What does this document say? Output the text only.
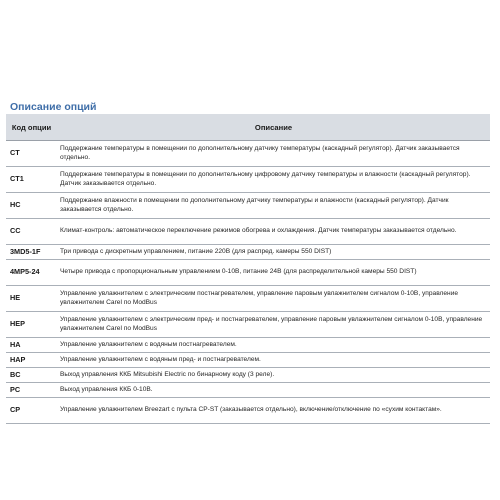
Описание опций
Код опции	Описание
CT	Поддержание температуры в помещении по дополнительному датчику температуры (каскадный регулятор). Датчик заказывается отдельно.
CT1	Поддержание температуры в помещении по дополнительному цифровому датчику температуры и влажности (каскадный регулятор). Датчик заказывается отдельно.
HC	Поддержание влажности в помещении по дополнительному датчику температуры и влажности (каскадный регулятор). Датчик заказывается отдельно.
CC	Климат-контроль: автоматическое переключение режимов обогрева и охлаждения. Датчик температуры заказывается отдельно.
3MD5-1F	Три привода с дискретным управлением, питание 220В (для распред. камеры 550 DIST)
4MP5-24	Четыре привода с пропорциональным управлением 0-10В, питание 24В (для распределительной камеры 550 DIST)
HE	Управление увлажнителем с электрическим постнагревателем, управление паровым увлажнителем сигналом 0-10В, управление увлажнителем Carel по ModBus
HEP	Управление увлажнителем с электрическим пред- и постнагревателем, управление паровым увлажнителем сигналом 0-10В, управление увлажнителем Carel по ModBus
HA	Управление увлажнителем с водяным постнагревателем.
HAP	Управление увлажнителем с водяным пред- и постнагревателем.
BC	Выход управления ККБ Mitsubishi Electric по бинарному коду (3 реле).
PC	Выход управления ККБ 0-10В.
CP	Управление увлажнителем Breezart с пульта CP-ST (заказывается отдельно), включение/отключение по «сухим контактам».
